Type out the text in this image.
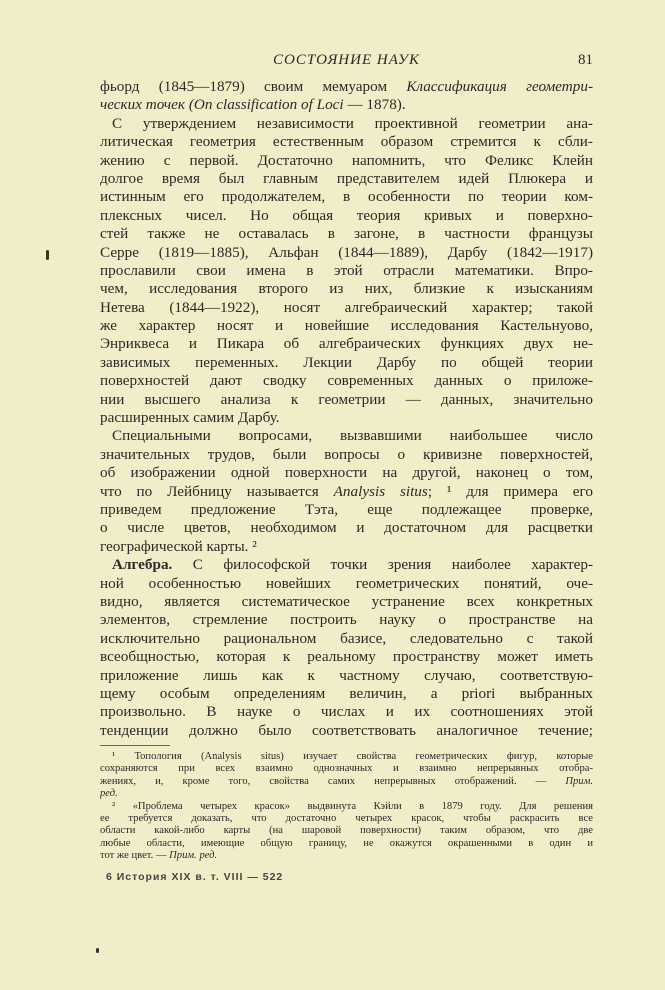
СОСТОЯНИЕ НАУК	81
фьорд (1845—1879) своим мемуаром Классификация геометри-
ческих точек (On classification of Loci — 1878).
С утверждением независимости проективной геометрии ана-
литическая геометрия естественным образом стремится к сбли-
жению с первой. Достаточно напомнить, что Феликс Клейн
долгое время был главным представителем идей Плюкера и
истинным его продолжателем, в особенности по теории ком-
плексных чисел. Но общая теория кривых и поверхно-
стей также не оставалась в загоне, в частности французы
Серре (1819—1885), Альфан (1844—1889), Дарбу (1842—1917)
прославили свои имена в этой отрасли математики. Впро-
чем, исследования второго из них, близкие к изысканиям
Нетева (1844—1922), носят алгебраический характер; такой
же характер носят и новейшие исследования Кастельнуово,
Энриквеса и Пикара об алгебраических функциях двух не-
зависимых переменных. Лекции Дарбу по общей теории
поверхностей дают сводку современных данных о приложе-
нии высшего анализа к геометрии — данных, значительно
расширенных самим Дарбу.
Специальными вопросами, вызвавшими наибольшее число
значительных трудов, были вопросы о кривизне поверхностей,
об изображении одной поверхности на другой, наконец о том,
что по Лейбницу называется Analysis situs; ¹ для примера его
приведем предложение Тэта, еще подлежащее проверке,
о числе цветов, необходимом и достаточном для расцветки
географической карты. ²
Алгебра. С философской точки зрения наиболее характер-
ной особенностью новейших геометрических понятий, оче-
видно, является систематическое устранение всех конкретных
элементов, стремление построить науку о пространстве на
исключительно рациональном базисе, следовательно с такой
всеобщностью, которая к реальному пространству может иметь
приложение лишь как к частному случаю, соответствую-
щему особым определениям величин, a priori выбранных
произвольно. В науке о числах и их соотношениях этой
тенденции должно было соответствовать аналогичное течение;
¹ Топология (Analysis situs) изучает свойства геометрических фигур, которые
сохраняются при всех взаимно однозначных и взаимно непрерывных отобра-
жениях, и, кроме того, свойства самих непрерывных отображений. — Прим.
ред.
² «Проблема четырех красок» выдвинута Кэйли в 1879 году. Для решения
ее требуется доказать, что достаточно четырех красок, чтобы раскрасить все
области какой-либо карты (на шаровой поверхности) таким образом, что две
любые области, имеющие общую границу, не окажутся окрашенными в один и
тот же цвет. — Прим. ред.
6 История XIX в. т. VIII — 522
